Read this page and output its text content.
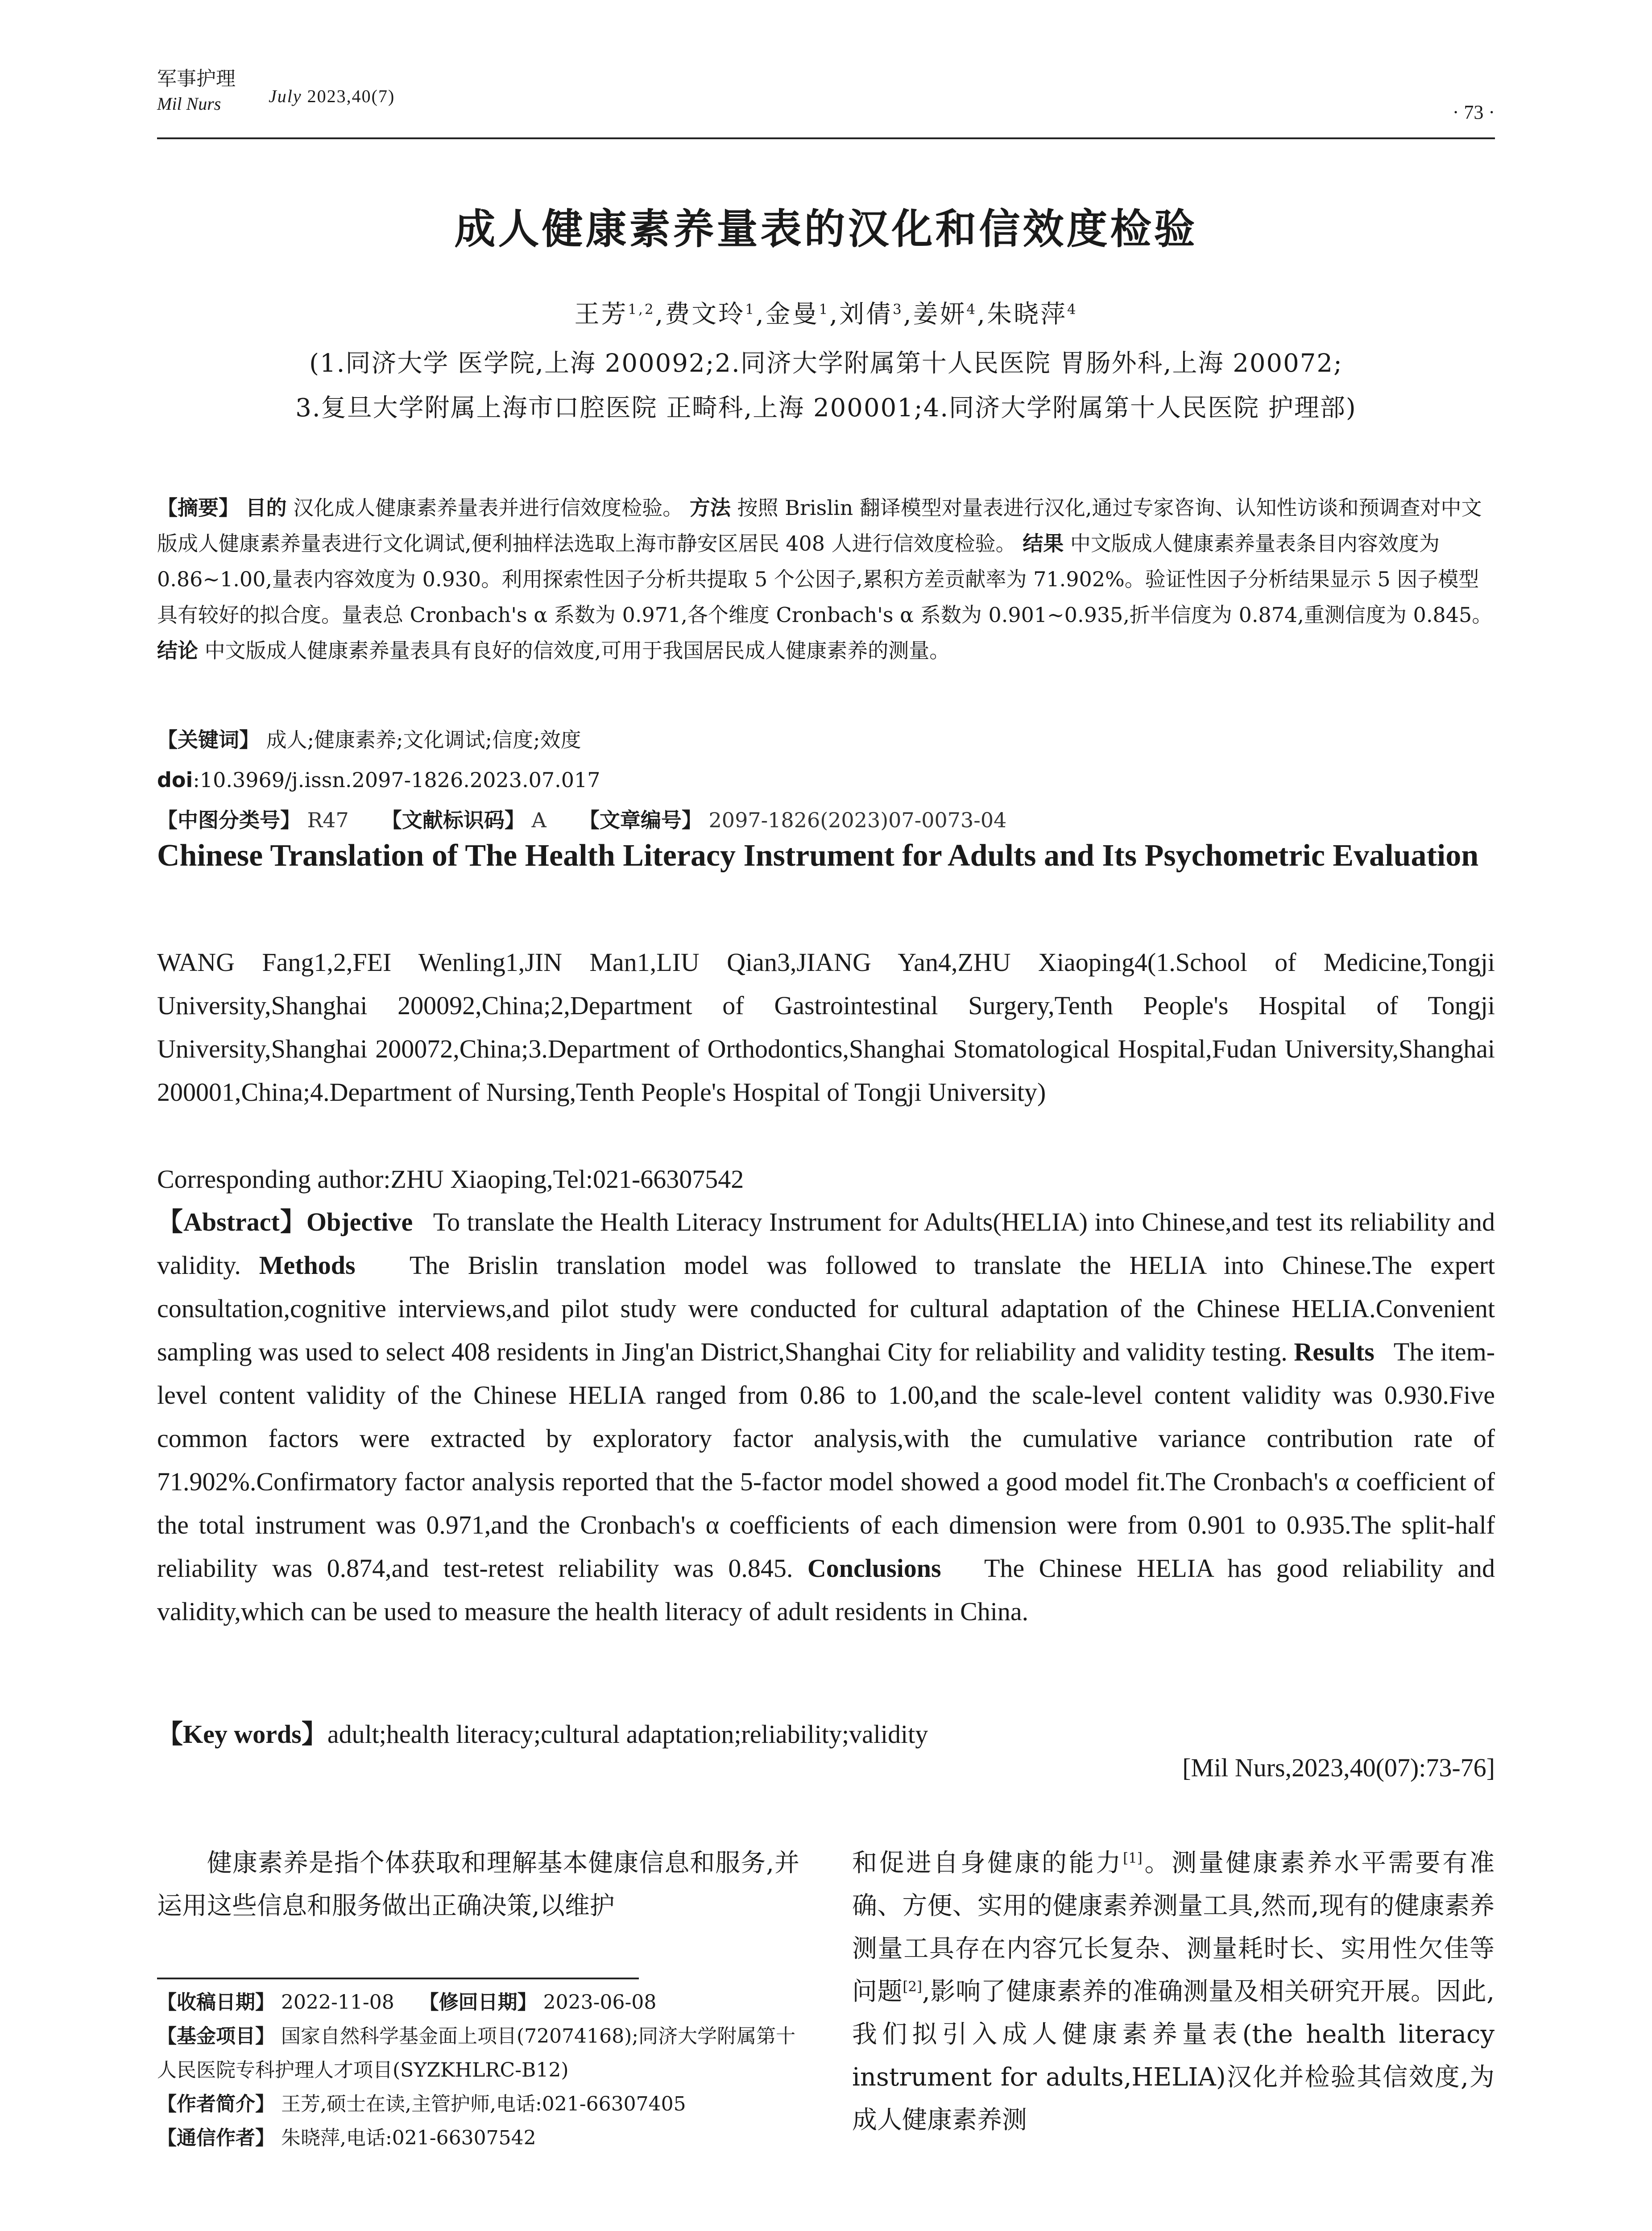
军事护理
Mil Nurs	July 2023,40(7)
· 73 ·
成人健康素养量表的汉化和信效度检验
王芳$^{1,2}$,费文玲$^1$,金曼$^1$,刘倩$^3$,姜妍$^4$,朱晓萍$^4$
(1.同济大学 医学院,上海 200092;2.同济大学附属第十人民医院 胃肠外科,上海 200072;
3.复旦大学附属上海市口腔医院 正畸科,上海 200001;4.同济大学附属第十人民医院 护理部)
【摘要】 目的 汉化成人健康素养量表并进行信效度检验。 方法 按照 Brislin 翻译模型对量表进行汉化,通过专家咨询、认知性访谈和预调查对中文版成人健康素养量表进行文化调试,便利抽样法选取上海市静安区居民 408 人进行信效度检验。 结果 中文版成人健康素养量表条目内容效度为 0.86~1.00,量表内容效度为 0.930。利用探索性因子分析共提取 5 个公因子,累积方差贡献率为 71.902%。验证性因子分析结果显示 5 因子模型具有较好的拟合度。量表总 Cronbach's α 系数为 0.971,各个维度 Cronbach's α 系数为 0.901~0.935,折半信度为 0.874,重测信度为 0.845。 结论 中文版成人健康素养量表具有良好的信效度,可用于我国居民成人健康素养的测量。
【关键词】 成人;健康素养;文化调试;信度;效度
doi:10.3969/j.issn.2097-1826.2023.07.017
【中图分类号】 R47 【文献标识码】 A 【文章编号】 2097-1826(2023)07-0073-04
Chinese Translation of The Health Literacy Instrument for Adults and Its Psychometric Evaluation
WANG Fang1,2,FEI Wenling1,JIN Man1,LIU Qian3,JIANG Yan4,ZHU Xiaoping4(1.School of Medicine,Tongji University,Shanghai 200092,China;2,Department of Gastrointestinal Surgery,Tenth People's Hospital of Tongji University,Shanghai 200072,China;3.Department of Orthodontics,Shanghai Stomatological Hospital,Fudan University,Shanghai 200001,China;4.Department of Nursing,Tenth People's Hospital of Tongji University)
Corresponding author:ZHU Xiaoping,Tel:021-66307542
【Abstract】Objective To translate the Health Literacy Instrument for Adults(HELIA) into Chinese,and test its reliability and validity. Methods The Brislin translation model was followed to translate the HELIA into Chinese.The expert consultation,cognitive interviews,and pilot study were conducted for cultural adaptation of the Chinese HELIA.Convenient sampling was used to select 408 residents in Jing'an District,Shanghai City for reliability and validity testing. Results The item-level content validity of the Chinese HELIA ranged from 0.86 to 1.00,and the scale-level content validity was 0.930.Five common factors were extracted by exploratory factor analysis,with the cumulative variance contribution rate of 71.902%.Confirmatory factor analysis reported that the 5-factor model showed a good model fit.The Cronbach's α coefficient of the total instrument was 0.971,and the Cronbach's α coefficients of each dimension were from 0.901 to 0.935.The split-half reliability was 0.874,and test-retest reliability was 0.845. Conclusions The Chinese HELIA has good reliability and validity,which can be used to measure the health literacy of adult residents in China.
【Key words】adult;health literacy;cultural adaptation;reliability;validity
[Mil Nurs,2023,40(07):73-76]
健康素养是指个体获取和理解基本健康信息和服务,并运用这些信息和服务做出正确决策,以维护
和促进自身健康的能力[1]。测量健康素养水平需要有准确、方便、实用的健康素养测量工具,然而,现有的健康素养测量工具存在内容冗长复杂、测量耗时长、实用性欠佳等问题[2],影响了健康素养的准确测量及相关研究开展。因此,我们拟引入成人健康素养量表(the health literacy instrument for adults,HELIA)汉化并检验其信效度,为成人健康素养测
【收稿日期】 2022-11-08 【修回日期】 2023-06-08
【基金项目】 国家自然科学基金面上项目(72074168);同济大学附属第十人民医院专科护理人才项目(SYZKHLRC-B12)
【作者简介】 王芳,硕士在读,主管护师,电话:021-66307405
【通信作者】 朱晓萍,电话:021-66307542
